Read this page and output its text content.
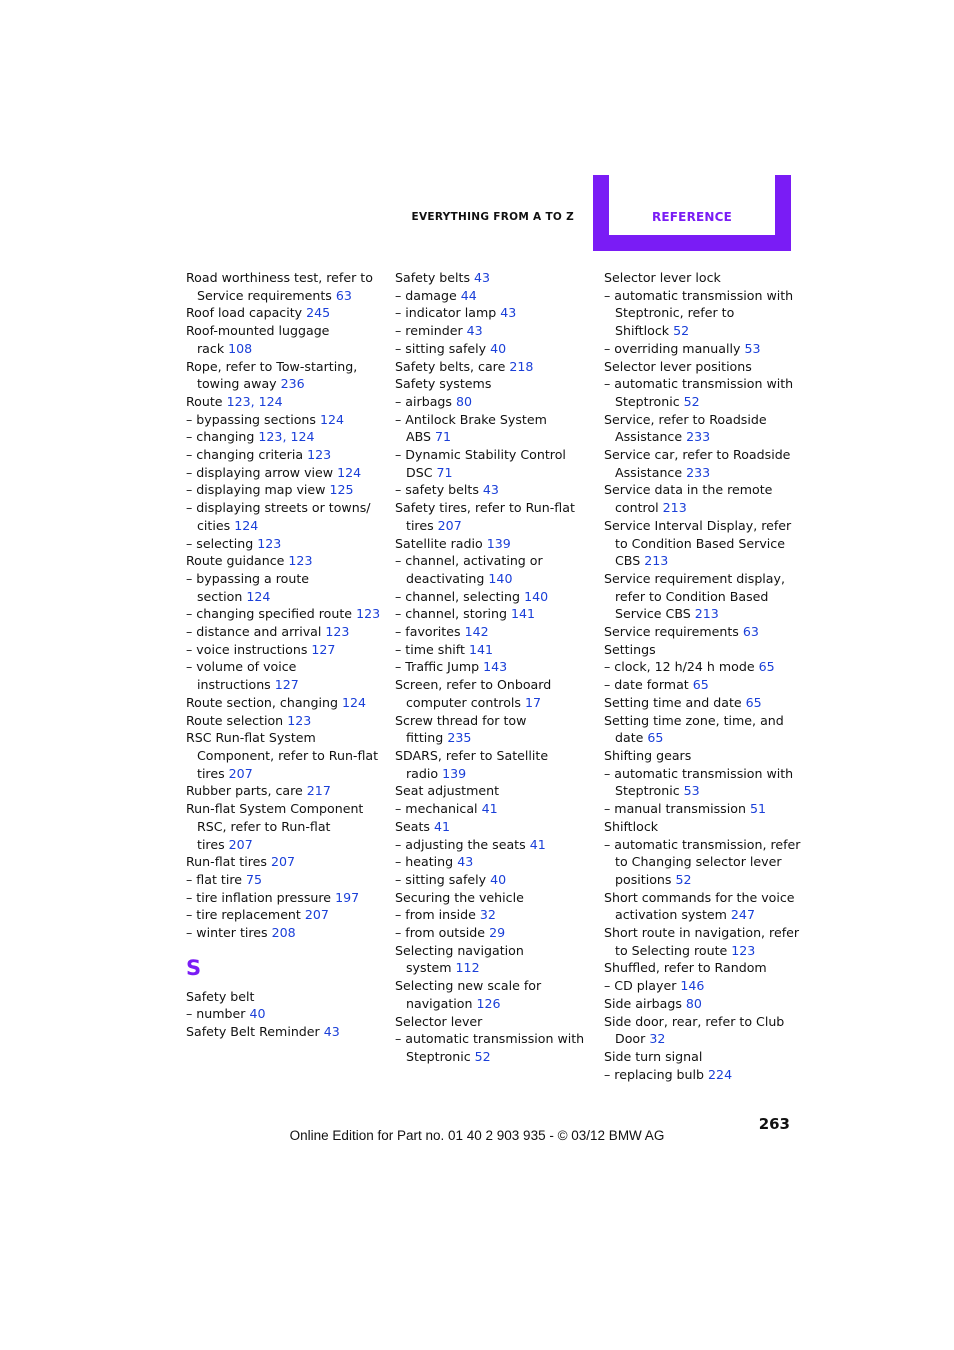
EVERYTHING FROM A TO Z	REFERENCE
Road worthiness test, refer to
Service requirements 63
Roof load capacity 245
Roof-mounted luggage
rack 108
Rope, refer to Tow-starting,
towing away 236
Route 123, 124
– bypassing sections 124
– changing 123, 124
– changing criteria 123
– displaying arrow view 124
– displaying map view 125
– displaying streets or towns/
cities 124
– selecting 123
Route guidance 123
– bypassing a route
section 124
– changing specified route 123
– distance and arrival 123
– voice instructions 127
– volume of voice
instructions 127
Route section, changing 124
Route selection 123
RSC Run-flat System
Component, refer to Run-flat
tires 207
Rubber parts, care 217
Run-flat System Component
RSC, refer to Run-flat
tires 207
Run-flat tires 207
– flat tire 75
– tire inflation pressure 197
– tire replacement 207
– winter tires 208
S
Safety belt
– number 40
Safety Belt Reminder 43
Safety belts 43
– damage 44
– indicator lamp 43
– reminder 43
– sitting safely 40
Safety belts, care 218
Safety systems
– airbags 80
– Antilock Brake System
ABS 71
– Dynamic Stability Control
DSC 71
– safety belts 43
Safety tires, refer to Run-flat
tires 207
Satellite radio 139
– channel, activating or
deactivating 140
– channel, selecting 140
– channel, storing 141
– favorites 142
– time shift 141
– Traffic Jump 143
Screen, refer to Onboard
computer controls 17
Screw thread for tow
fitting 235
SDARS, refer to Satellite
radio 139
Seat adjustment
– mechanical 41
Seats 41
– adjusting the seats 41
– heating 43
– sitting safely 40
Securing the vehicle
– from inside 32
– from outside 29
Selecting navigation
system 112
Selecting new scale for
navigation 126
Selector lever
– automatic transmission with
Steptronic 52
Selector lever lock
– automatic transmission with
Steptronic, refer to
Shiftlock 52
– overriding manually 53
Selector lever positions
– automatic transmission with
Steptronic 52
Service, refer to Roadside
Assistance 233
Service car, refer to Roadside
Assistance 233
Service data in the remote
control 213
Service Interval Display, refer
to Condition Based Service
CBS 213
Service requirement display,
refer to Condition Based
Service CBS 213
Service requirements 63
Settings
– clock, 12 h/24 h mode 65
– date format 65
Setting time and date 65
Setting time zone, time, and
date 65
Shifting gears
– automatic transmission with
Steptronic 53
– manual transmission 51
Shiftlock
– automatic transmission, refer
to Changing selector lever
positions 52
Short commands for the voice
activation system 247
Short route in navigation, refer
to Selecting route 123
Shuffled, refer to Random
– CD player 146
Side airbags 80
Side door, rear, refer to Club
Door 32
Side turn signal
– replacing bulb 224
263
Online Edition for Part no. 01 40 2 903 935 - © 03/12 BMW AG
